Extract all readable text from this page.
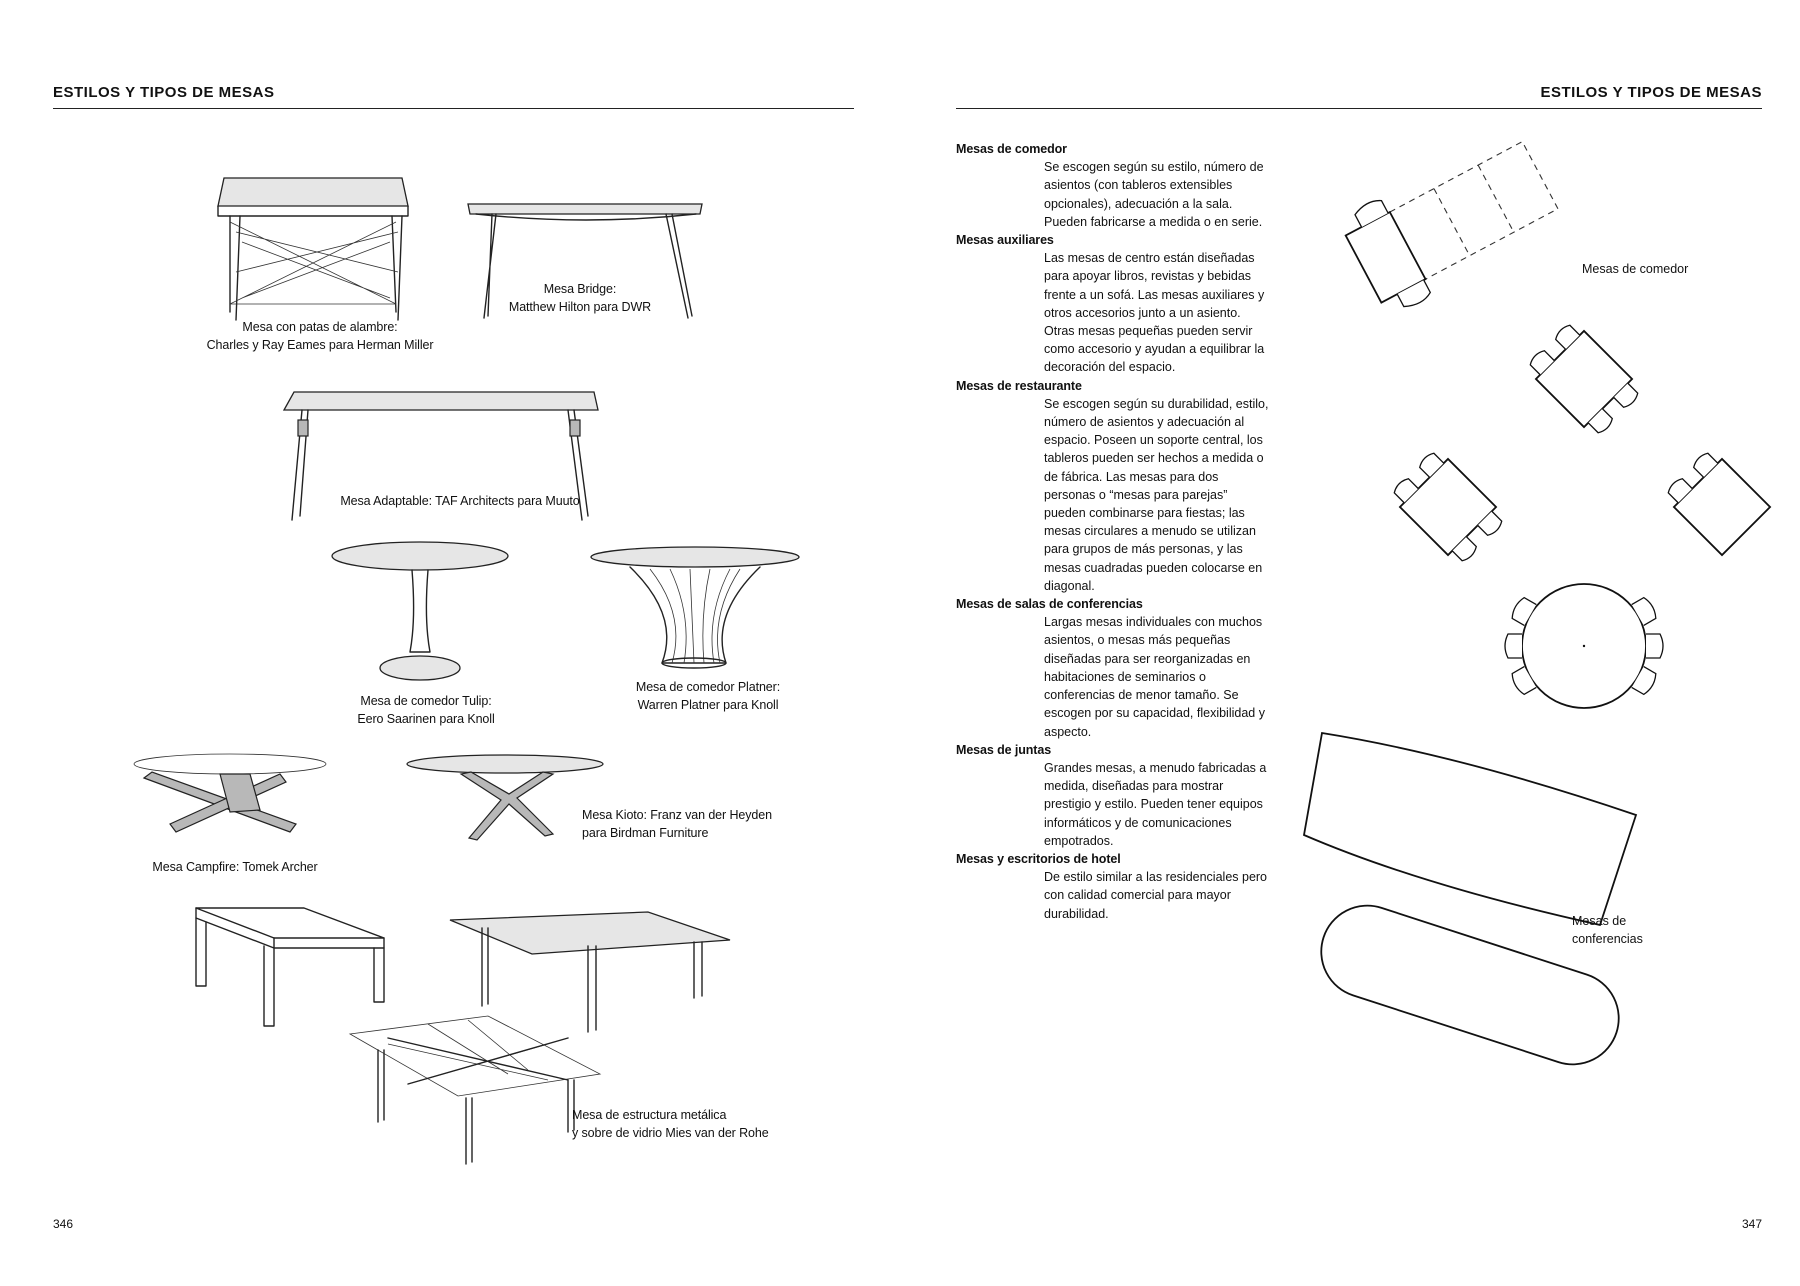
ESTILOS Y TIPOS DE MESAS
Mesa con patas de alambre:
Charles y Ray Eames para Herman Miller
Mesa Bridge:
Matthew Hilton para DWR
Mesa Adaptable: TAF Architects para Muuto
Mesa de comedor Tulip:
Eero Saarinen para Knoll
Mesa de comedor Platner:
Warren Platner para Knoll
Mesa Campfire: Tomek Archer
Mesa Kioto: Franz van der Heyden
para Birdman Furniture
Mesa de estructura metálica
y sobre de vidrio Mies van der Rohe
346
ESTILOS Y TIPOS DE MESAS
347
Mesas de comedor
Se escogen según su estilo, número de asientos (con tableros extensibles opcionales), adecuación a la sala. Pueden fabricarse a medida o en serie.
Mesas auxiliares
Las mesas de centro están diseñadas para apoyar libros, revistas y bebidas frente a un sofá. Las mesas auxiliares y otros accesorios junto a un asiento. Otras mesas pequeñas pueden servir como accesorio y ayudan a equilibrar la decoración del espacio.
Mesas de restaurante
Se escogen según su durabilidad, estilo, número de asientos y adecuación al espacio. Poseen un soporte central, los tableros pueden ser hechos a medida o de fábrica. Las mesas para dos personas o “mesas para parejas” pueden combinarse para fiestas; las mesas circulares a menudo se utilizan para grupos de más personas, y las mesas cuadradas pueden colocarse en diagonal.
Mesas de salas de conferencias
Largas mesas individuales con muchos asientos, o mesas más pequeñas diseñadas para ser reorganizadas en habitaciones de seminarios o conferencias de menor tamaño. Se escogen por su capacidad, flexibilidad y aspecto.
Mesas de juntas
Grandes mesas, a menudo fabricadas a medida, diseñadas para mostrar prestigio y estilo. Pueden tener equipos informáticos y de comunicaciones empotrados.
Mesas y escritorios de hotel
De estilo similar a las residenciales pero con calidad comercial para mayor durabilidad.
Mesas de comedor
Mesas de
conferencias
